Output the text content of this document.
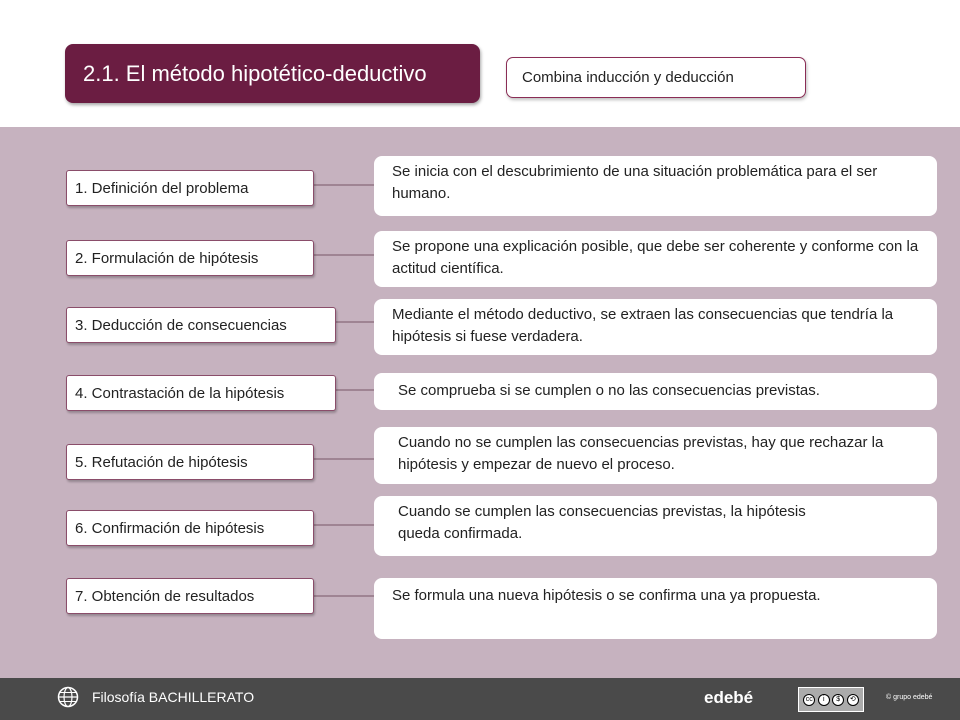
2.1. El método hipotético-deductivo	Combina inducción y deducción
1. Definición del problema
Se inicia con el descubrimiento de una situación problemática para el ser humano.
2. Formulación de hipótesis
Se propone una explicación posible, que debe ser coherente y conforme con la actitud científica.
3. Deducción de consecuencias
Mediante el método deductivo, se extraen las consecuencias que tendría la hipótesis si fuese verdadera.
4. Contrastación de la hipótesis	Se comprueba si se cumplen o no las consecuencias previstas.
5. Refutación de hipótesis
Cuando no se cumplen las consecuencias previstas, hay que rechazar la hipótesis y empezar de nuevo el proceso.
6. Confirmación de hipótesis
Cuando se cumplen las consecuencias previstas, la hipótesis queda confirmada.
7. Obtención de resultados	Se formula una nueva hipótesis o se confirma una ya propuesta.
Filosofía BACHILLERATO	edebé	cc	i	$	⟲	© grupo edebé
